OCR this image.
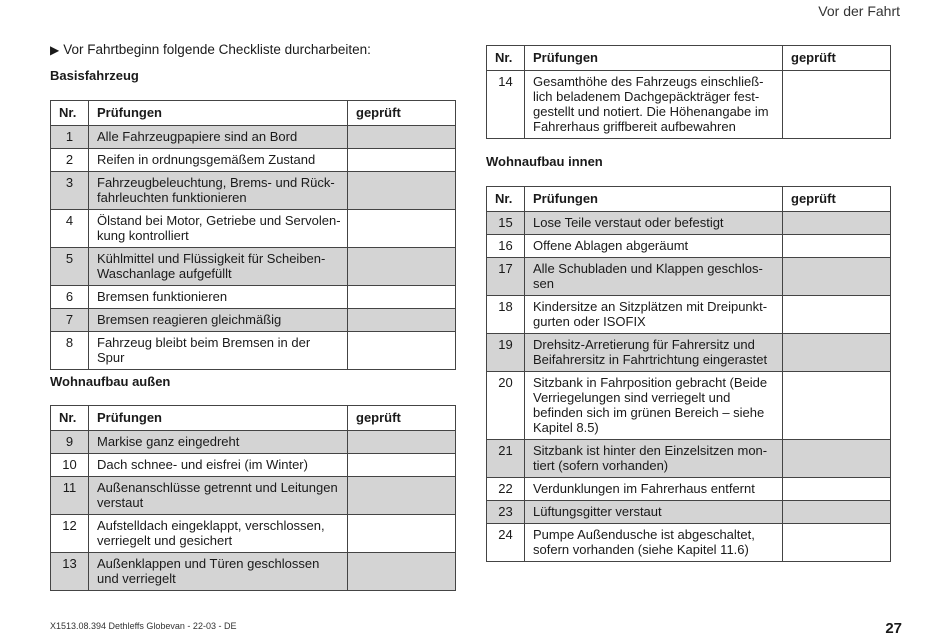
Vor der Fahrt
▶ Vor Fahrtbeginn folgende Checkliste durcharbeiten:
Basisfahrzeug
Nr.	Prüfungen	geprüft
1	Alle Fahrzeugpapiere sind an Bord	
2	Reifen in ordnungsgemäßem Zustand	
3	Fahrzeugbeleuchtung, Brems- und Rück-
fahrleuchten funktionieren	
4	Ölstand bei Motor, Getriebe und Servolen-
kung kontrolliert	
5	Kühlmittel und Flüssigkeit für Scheiben-
Waschanlage aufgefüllt	
6	Bremsen funktionieren	
7	Bremsen reagieren gleichmäßig	
8	Fahrzeug bleibt beim Bremsen in der Spur	
Wohnaufbau außen
Nr.	Prüfungen	geprüft
9	Markise ganz eingedreht	
10	Dach schnee- und eisfrei (im Winter)	
11	Außenanschlüsse getrennt und Leitungen
verstaut	
12	Aufstelldach eingeklappt, verschlossen,
verriegelt und gesichert	
13	Außenklappen und Türen geschlossen
und verriegelt	
Nr.	Prüfungen	geprüft
14	Gesamthöhe des Fahrzeugs einschließ-
lich beladenem Dachgepäckträger fest-
gestellt und notiert. Die Höhenangabe im
Fahrerhaus griffbereit aufbewahren	
Wohnaufbau innen
Nr.	Prüfungen	geprüft
15	Lose Teile verstaut oder befestigt	
16	Offene Ablagen abgeräumt	
17	Alle Schubladen und Klappen geschlos-
sen	
18	Kindersitze an Sitzplätzen mit Dreipunkt-
gurten oder ISOFIX	
19	Drehsitz-Arretierung für Fahrersitz und
Beifahrersitz in Fahrtrichtung eingerastet	
20	Sitzbank in Fahrposition gebracht (Beide
Verriegelungen sind verriegelt und
befinden sich im grünen Bereich – siehe
Kapitel 8.5)	
21	Sitzbank ist hinter den Einzelsitzen mon-
tiert (sofern vorhanden)	
22	Verdunklungen im Fahrerhaus entfernt	
23	Lüftungsgitter verstaut	
24	Pumpe Außendusche ist abgeschaltet,
sofern vorhanden (siehe Kapitel 11.6)	
X1513.08.394 Dethleffs Globevan - 22-03 - DE	27
